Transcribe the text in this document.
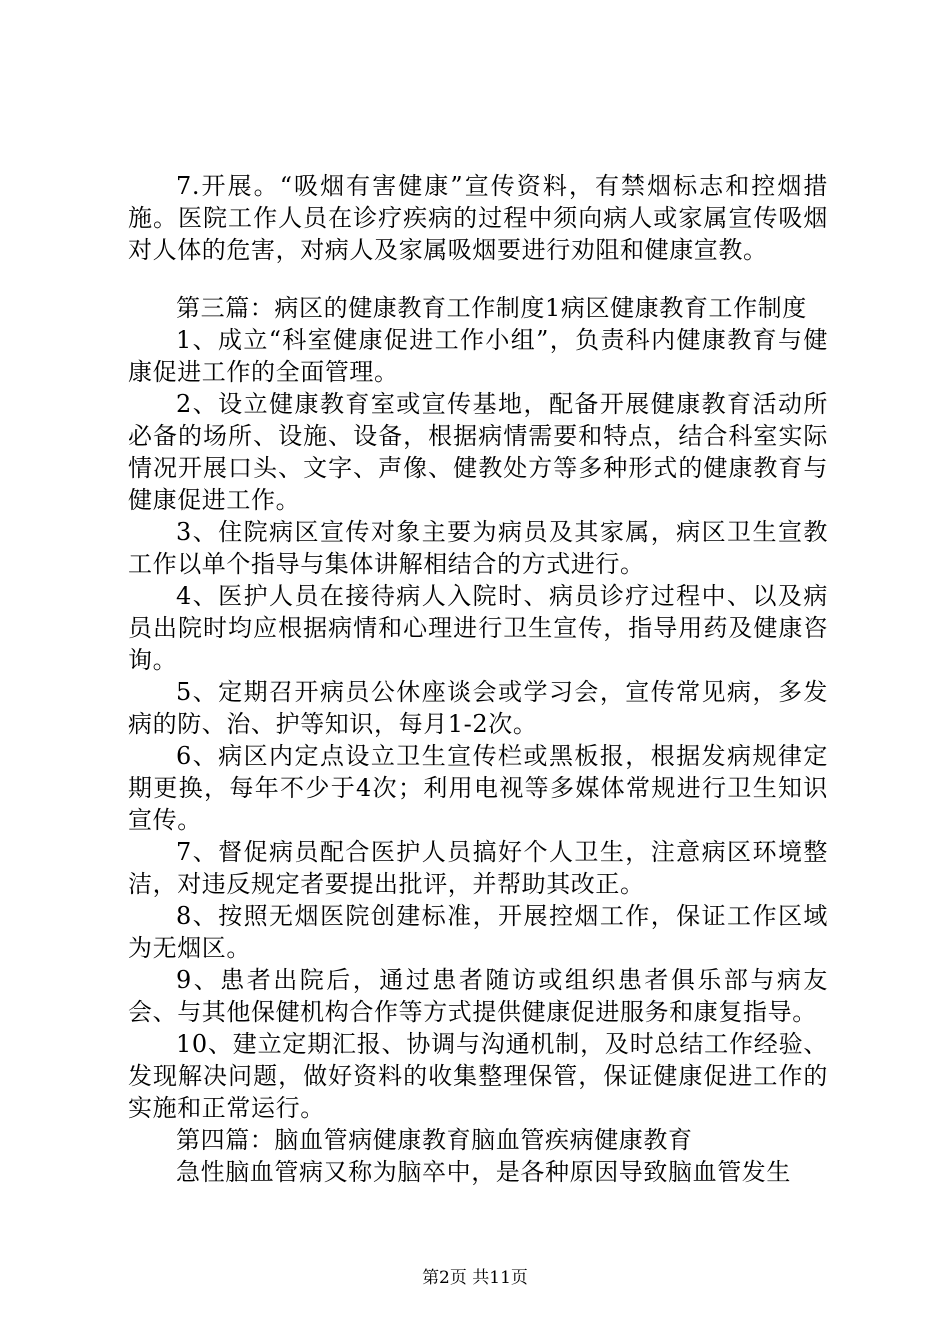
7.开展。“吸烟有害健康”宣传资料，有禁烟标志和控烟措施。医院工作人员在诊疗疾病的过程中须向病人或家属宣传吸烟对人体的危害，对病人及家属吸烟要进行劝阻和健康宣教。

第三篇：病区的健康教育工作制度1病区健康教育工作制度

1、成立“科室健康促进工作小组”，负责科内健康教育与健康促进工作的全面管理。

2、设立健康教育室或宣传基地，配备开展健康教育活动所必备的场所、设施、设备，根据病情需要和特点，结合科室实际情况开展口头、文字、声像、健教处方等多种形式的健康教育与健康促进工作。

3、住院病区宣传对象主要为病员及其家属，病区卫生宣教工作以单个指导与集体讲解相结合的方式进行。

4、医护人员在接待病人入院时、病员诊疗过程中、以及病员出院时均应根据病情和心理进行卫生宣传，指导用药及健康咨询。

5、定期召开病员公休座谈会或学习会，宣传常见病，多发病的防、治、护等知识，每月1-2次。

6、病区内定点设立卫生宣传栏或黑板报，根据发病规律定期更换，每年不少于4次；利用电视等多媒体常规进行卫生知识宣传。

7、督促病员配合医护人员搞好个人卫生，注意病区环境整洁，对违反规定者要提出批评，并帮助其改正。

8、按照无烟医院创建标准，开展控烟工作，保证工作区域为无烟区。

9、患者出院后，通过患者随访或组织患者俱乐部与病友会、与其他保健机构合作等方式提供健康促进服务和康复指导。

10、建立定期汇报、协调与沟通机制，及时总结工作经验、发现解决问题，做好资料的收集整理保管，保证健康促进工作的实施和正常运行。

第四篇：脑血管病健康教育脑血管疾病健康教育

急性脑血管病又称为脑卒中，是各种原因导致脑血管发生

第2页 共11页
